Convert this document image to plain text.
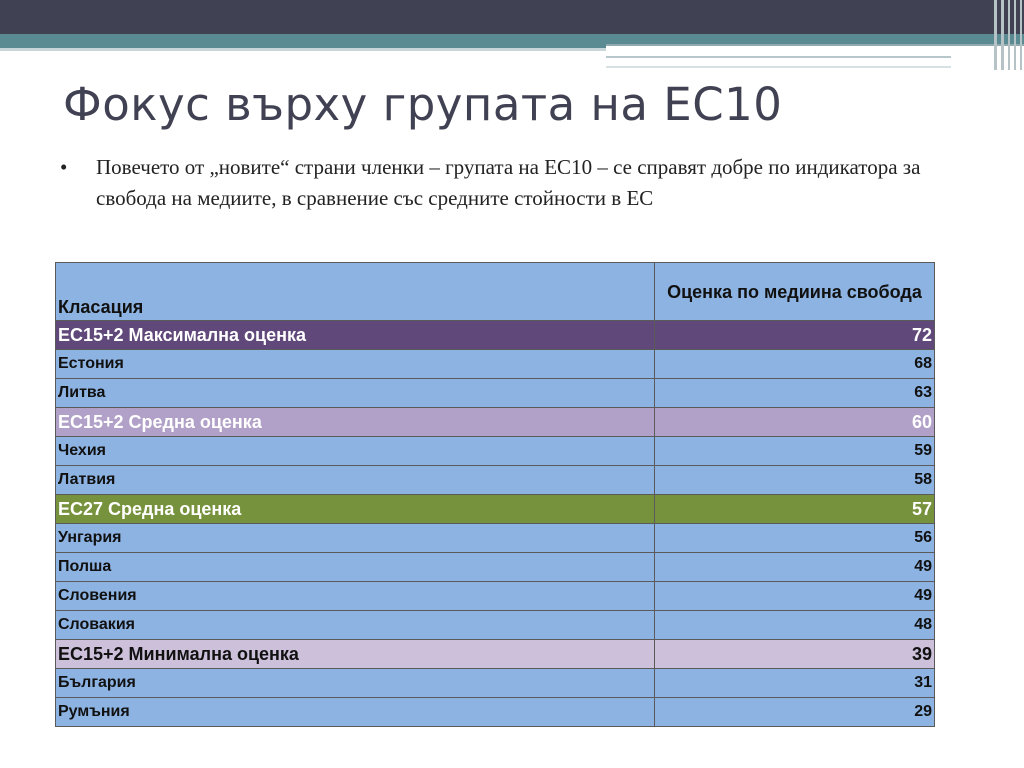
Фокус върху групата на ЕС10
• Повечето от „новите“ страни членки – групата на ЕС10 – се справят добре по индикатора за свобода на медиите, в сравнение със средните стойности в ЕС
Класация	Оценка по медиина свобода
ЕС15+2 Максимална оценка	72
Естония	68
Литва	63
ЕС15+2 Средна оценка	60
Чехия	59
Латвия	58
ЕС27 Средна оценка	57
Унгария	56
Полша	49
Словения	49
Словакия	48
ЕС15+2 Минимална оценка	39
България	31
Румъния	29
